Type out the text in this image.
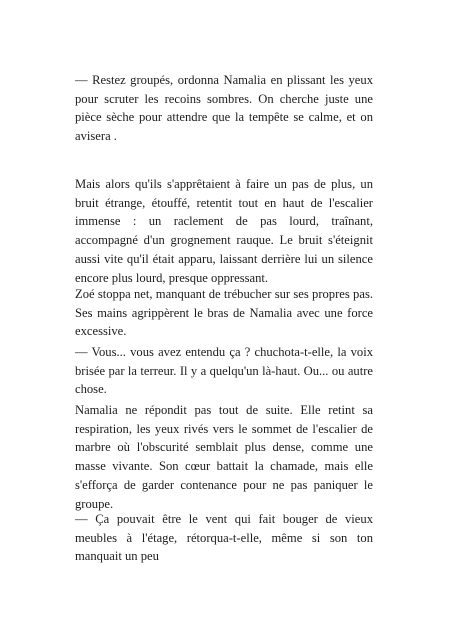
— Restez groupés, ordonna Namalia en plissant les yeux pour scruter les recoins sombres. On cherche juste une pièce sèche pour attendre que la tempête se calme, et on avisera .

Mais alors qu'ils s'apprêtaient à faire un pas de plus, un bruit étrange, étouffé, retentit tout en haut de l'escalier immense : un raclement de pas lourd, traînant, accompagné d'un grognement rauque. Le bruit s'éteignit aussi vite qu'il était apparu, laissant derrière lui un silence encore plus lourd, presque oppressant.

Zoé stoppa net, manquant de trébucher sur ses propres pas. Ses mains agrippèrent le bras de Namalia avec une force excessive.

— Vous... vous avez entendu ça ? chuchota-t-elle, la voix brisée par la terreur. Il y a quelqu'un là-haut. Ou... ou autre chose.

Namalia ne répondit pas tout de suite. Elle retint sa respiration, les yeux rivés vers le sommet de l'escalier de marbre où l'obscurité semblait plus dense, comme une masse vivante. Son cœur battait la chamade, mais elle s'efforça de garder contenance pour ne pas paniquer le groupe.

— Ça pouvait être le vent qui fait bouger de vieux meubles à l'étage, rétorqua-t-elle, même si son ton manquait un peu
